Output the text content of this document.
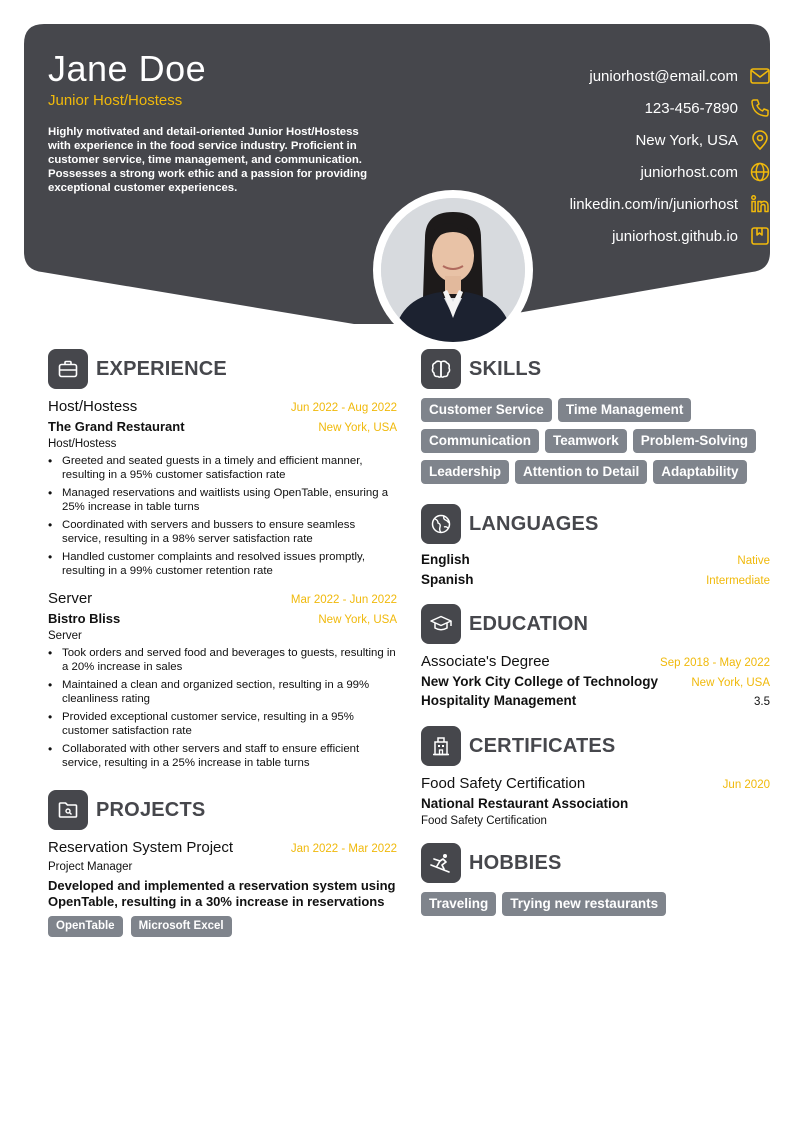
Jane Doe
Junior Host/Hostess
Highly motivated and detail-oriented Junior Host/Hostess with experience in the food service industry. Proficient in customer service, time management, and communication. Possesses a strong work ethic and a passion for providing exceptional customer experiences.
juniorhost@email.com
123-456-7890
New York, USA
juniorhost.com
linkedin.com/in/juniorhost
juniorhost.github.io
EXPERIENCE
Host/Hostess	Jun 2022 - Aug 2022
The Grand Restaurant	New York, USA
Host/Hostess
• Greeted and seated guests in a timely and efficient manner, resulting in a 95% customer satisfaction rate
• Managed reservations and waitlists using OpenTable, ensuring a 25% increase in table turns
• Coordinated with servers and bussers to ensure seamless service, resulting in a 98% server satisfaction rate
• Handled customer complaints and resolved issues promptly, resulting in a 99% customer retention rate
Server	Mar 2022 - Jun 2022
Bistro Bliss	New York, USA
Server
• Took orders and served food and beverages to guests, resulting in a 20% increase in sales
• Maintained a clean and organized section, resulting in a 99% cleanliness rating
• Provided exceptional customer service, resulting in a 95% customer satisfaction rate
• Collaborated with other servers and staff to ensure efficient service, resulting in a 25% increase in table turns
PROJECTS
Reservation System Project	Jan 2022 - Mar 2022
Project Manager
Developed and implemented a reservation system using OpenTable, resulting in a 30% increase in reservations
OpenTable Microsoft Excel
SKILLS
Customer Service Time Management
Communication Teamwork Problem-Solving
Leadership Attention to Detail Adaptability
LANGUAGES
English	Native
Spanish	Intermediate
EDUCATION
Associate's Degree	Sep 2018 - May 2022
New York City College of Technology	New York, USA
Hospitality Management	3.5
CERTIFICATES
Food Safety Certification	Jun 2020
National Restaurant Association
Food Safety Certification
HOBBIES
Traveling Trying new restaurants
